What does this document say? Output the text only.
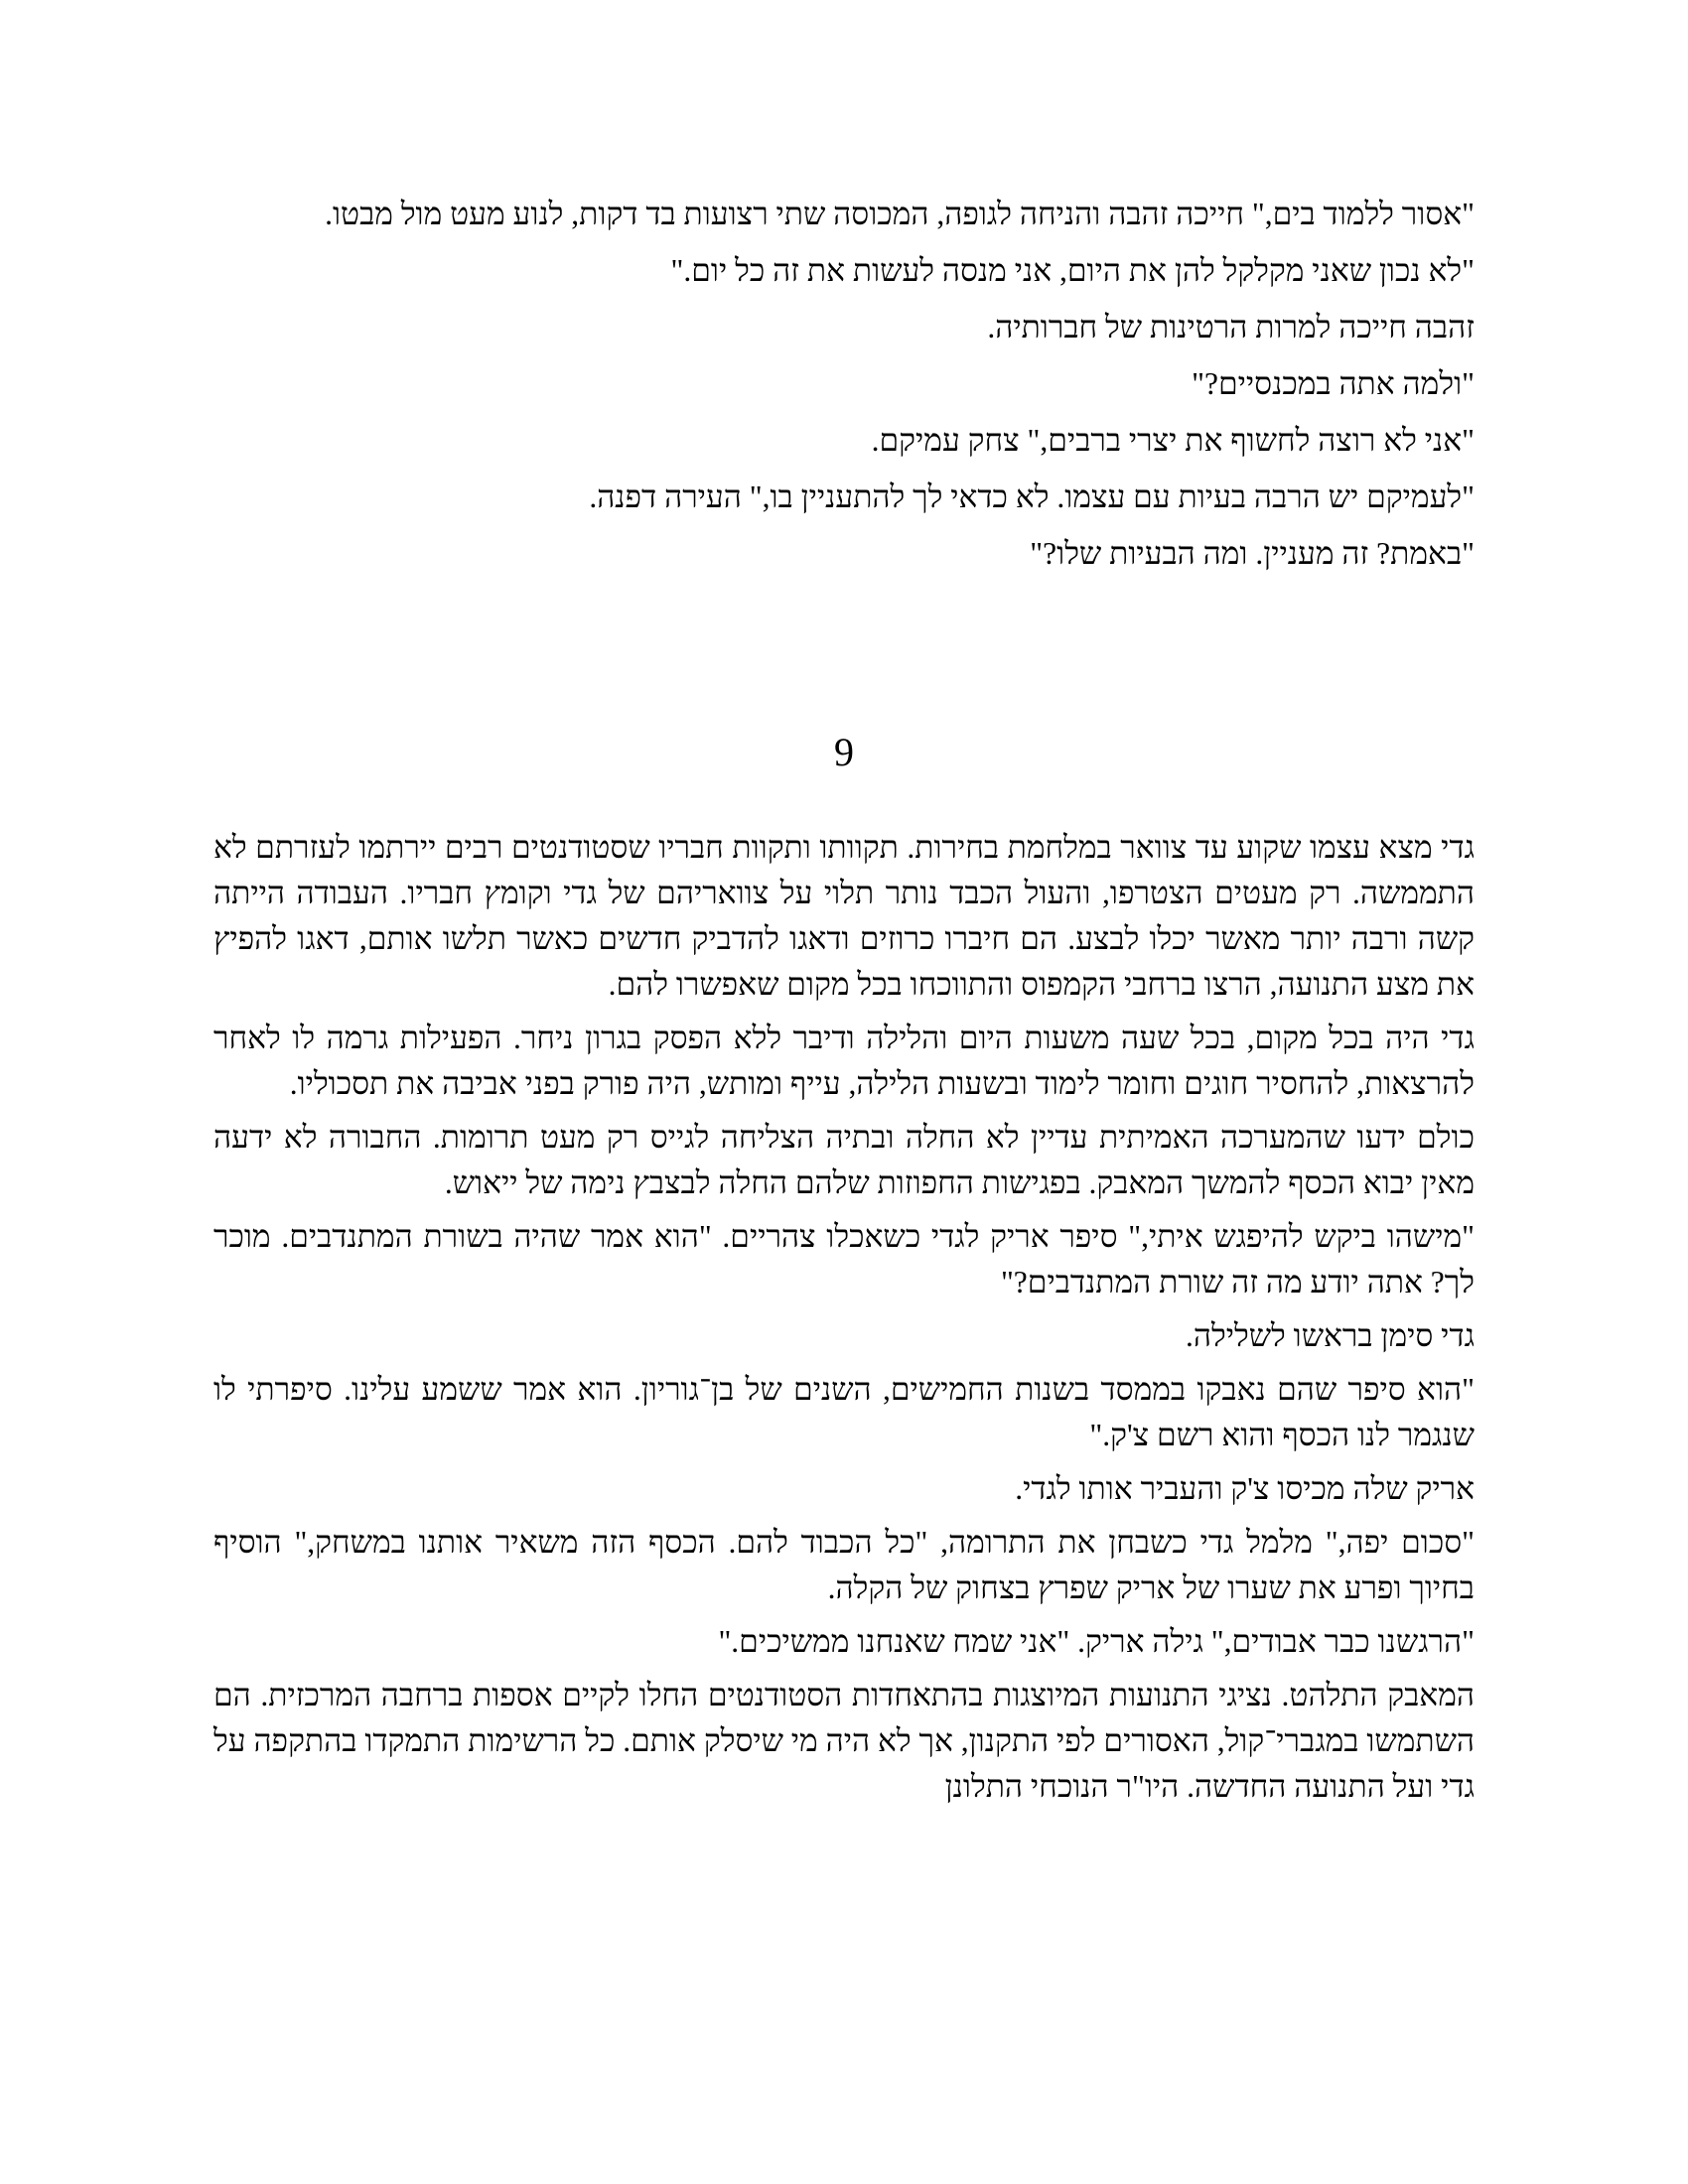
"אסור ללמוד בים," חייכה זהבה והניחה לגופה, המכוסה שתי רצועות בד דקות, לנוע מעט מול מבטו.

"לא נכון שאני מקלקל להן את היום, אני מנסה לעשות את זה כל יום."

זהבה חייכה למרות הרטינות של חברותיה.

"ולמה אתה במכנסיים?"

"אני לא רוצה לחשוף את יצרי ברבים," צחק עמיקם.

"לעמיקם יש הרבה בעיות עם עצמו. לא כדאי לך להתעניין בו," העירה דפנה.

"באמת? זה מעניין. ומה הבעיות שלו?"

9

גדי מצא עצמו שקוע עד צוואר במלחמת בחירות. תקוותו ותקוות חבריו שסטודנטים רבים יירתמו לעזרתם לא התממשה. רק מעטים הצטרפו, והעול הכבד נותר תלוי על צוואריהם של גדי וקומץ חבריו. העבודה הייתה קשה ורבה יותר מאשר יכלו לבצע. הם חיברו כרוזים ודאגו להדביק חדשים כאשר תלשו אותם, דאגו להפיץ את מצע התנועה, הרצו ברחבי הקמפוס והתווכחו בכל מקום שאפשרו להם.

גדי היה בכל מקום, בכל שעה משעות היום והלילה ודיבר ללא הפסק בגרון ניחר. הפעילות גרמה לו לאחר להרצאות, להחסיר חוגים וחומר לימוד ובשעות הלילה, עייף ומותש, היה פורק בפני אביבה את תסכוליו.

כולם ידעו שהמערכה האמיתית עדיין לא החלה ובתיה הצליחה לגייס רק מעט תרומות. החבורה לא ידעה מאין יבוא הכסף להמשך המאבק. בפגישות החפוזות שלהם החלה לבצבץ נימה של ייאוש.

"מישהו ביקש להיפגש איתי," סיפר אריק לגדי כשאכלו צהריים. "הוא אמר שהיה בשורת המתנדבים. מוכר לך? אתה יודע מה זה שורת המתנדבים?"

גדי סימן בראשו לשלילה.

"הוא סיפר שהם נאבקו בממסד בשנות החמישים, השנים של בן־גוריון. הוא אמר ששמע עלינו. סיפרתי לו שנגמר לנו הכסף והוא רשם צ'ק."

אריק שלה מכיסו צ'ק והעביר אותו לגדי.

"סכום יפה," מלמל גדי כשבחן את התרומה, "כל הכבוד להם. הכסף הזה משאיר אותנו במשחק," הוסיף בחיוך ופרע את שערו של אריק שפרץ בצחוק של הקלה.

"הרגשנו כבר אבודים," גילה אריק. "אני שמח שאנחנו ממשיכים."

המאבק התלהט. נציגי התנועות המיוצגות בהתאחדות הסטודנטים החלו לקיים אספות ברחבה המרכזית. הם השתמשו במגברי־קול, האסורים לפי התקנון, אך לא היה מי שיסלק אותם. כל הרשימות התמקדו בהתקפה על גדי ועל התנועה החדשה. היו"ר הנוכחי התלונן
